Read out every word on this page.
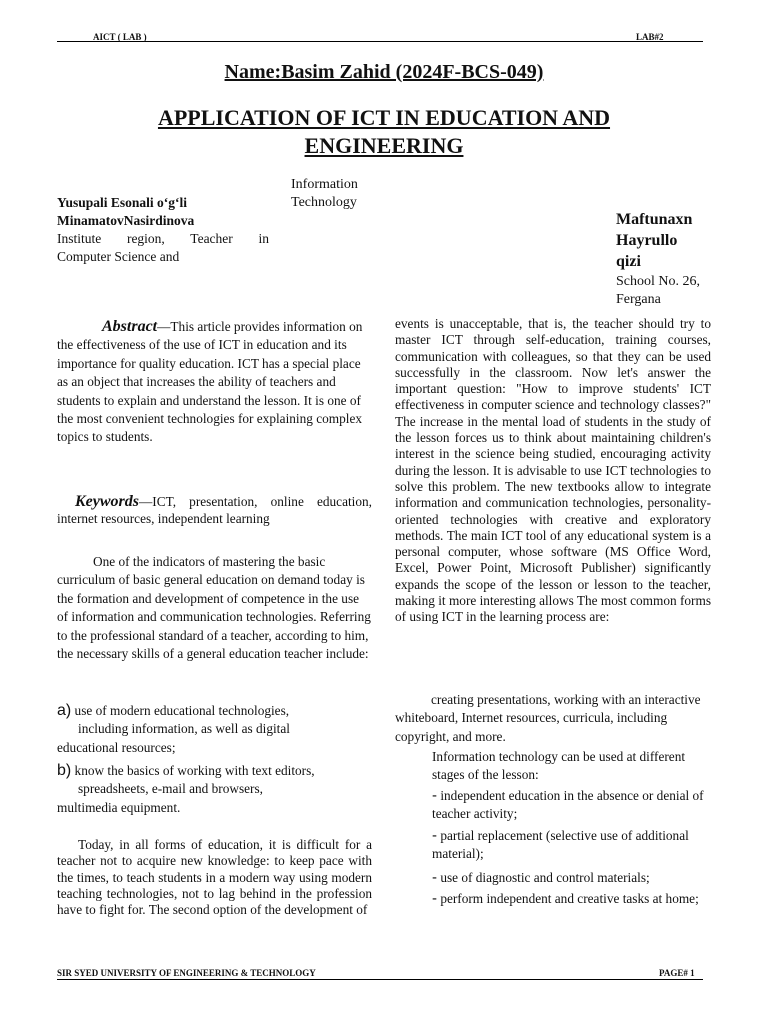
AICT ( LAB )	LAB#2
Name:Basim Zahid (2024F-BCS-049)
APPLICATION OF ICT IN EDUCATION AND ENGINEERING
Information
Technology
Yusupali Esonali o‘g‘li
MinamatovNasirdinova
Institute region, Teacher in
Computer Science and
Maftunaxn
Hayrullo
qizi
School No. 26,
Fergana
Abstract—This article provides information on the effectiveness of the use of ICT in education and its importance for quality education. ICT has a special place as an object that increases the ability of teachers and students to explain and understand the lesson. It is one of the most convenient technologies for explaining complex topics to students.
Keywords—ICT, presentation, online education, internet resources, independent learning
One of the indicators of mastering the basic curriculum of basic general education on demand today is the formation and development of competence in the use of information and communication technologies. Referring to the professional standard of a teacher, according to him, the necessary skills of a general education teacher include:
a) use of modern educational technologies,
including information, as well as digital
educational resources;
b) know the basics of working with text editors,
spreadsheets, e-mail and browsers,
multimedia equipment.
Today, in all forms of education, it is difficult for a teacher not to acquire new knowledge: to keep pace with the times, to teach students in a modern way using modern teaching technologies, not to lag behind in the profession have to fight for. The second option of the development of
events is unacceptable, that is, the teacher should try to master ICT through self-education, training courses, communication with colleagues, so that they can be used successfully in the classroom. Now let's answer the important question: "How to improve students' ICT effectiveness in computer science and technology classes?" The increase in the mental load of students in the study of the lesson forces us to think about maintaining children's interest in the science being studied, encouraging activity during the lesson. It is advisable to use ICT technologies to solve this problem. The new textbooks allow to integrate information and communication technologies, personality-oriented technologies with creative and exploratory methods. The main ICT tool of any educational system is a personal computer, whose software (MS Office Word, Excel, Power Point, Microsoft Publisher) significantly expands the scope of the lesson or lesson to the teacher, making it more interesting allows The most common forms of using ICT in the learning process are:
creating presentations, working with an interactive whiteboard, Internet resources, curricula, including copyright, and more.
Information technology can be used at different stages of the lesson:
- independent education in the absence or denial of teacher activity;
- partial replacement (selective use of additional material);
- use of diagnostic and control materials;
- perform independent and creative tasks at home;
SIR SYED UNIVERSITY OF ENGINEERING & TECHNOLOGY	PAGE# 1
